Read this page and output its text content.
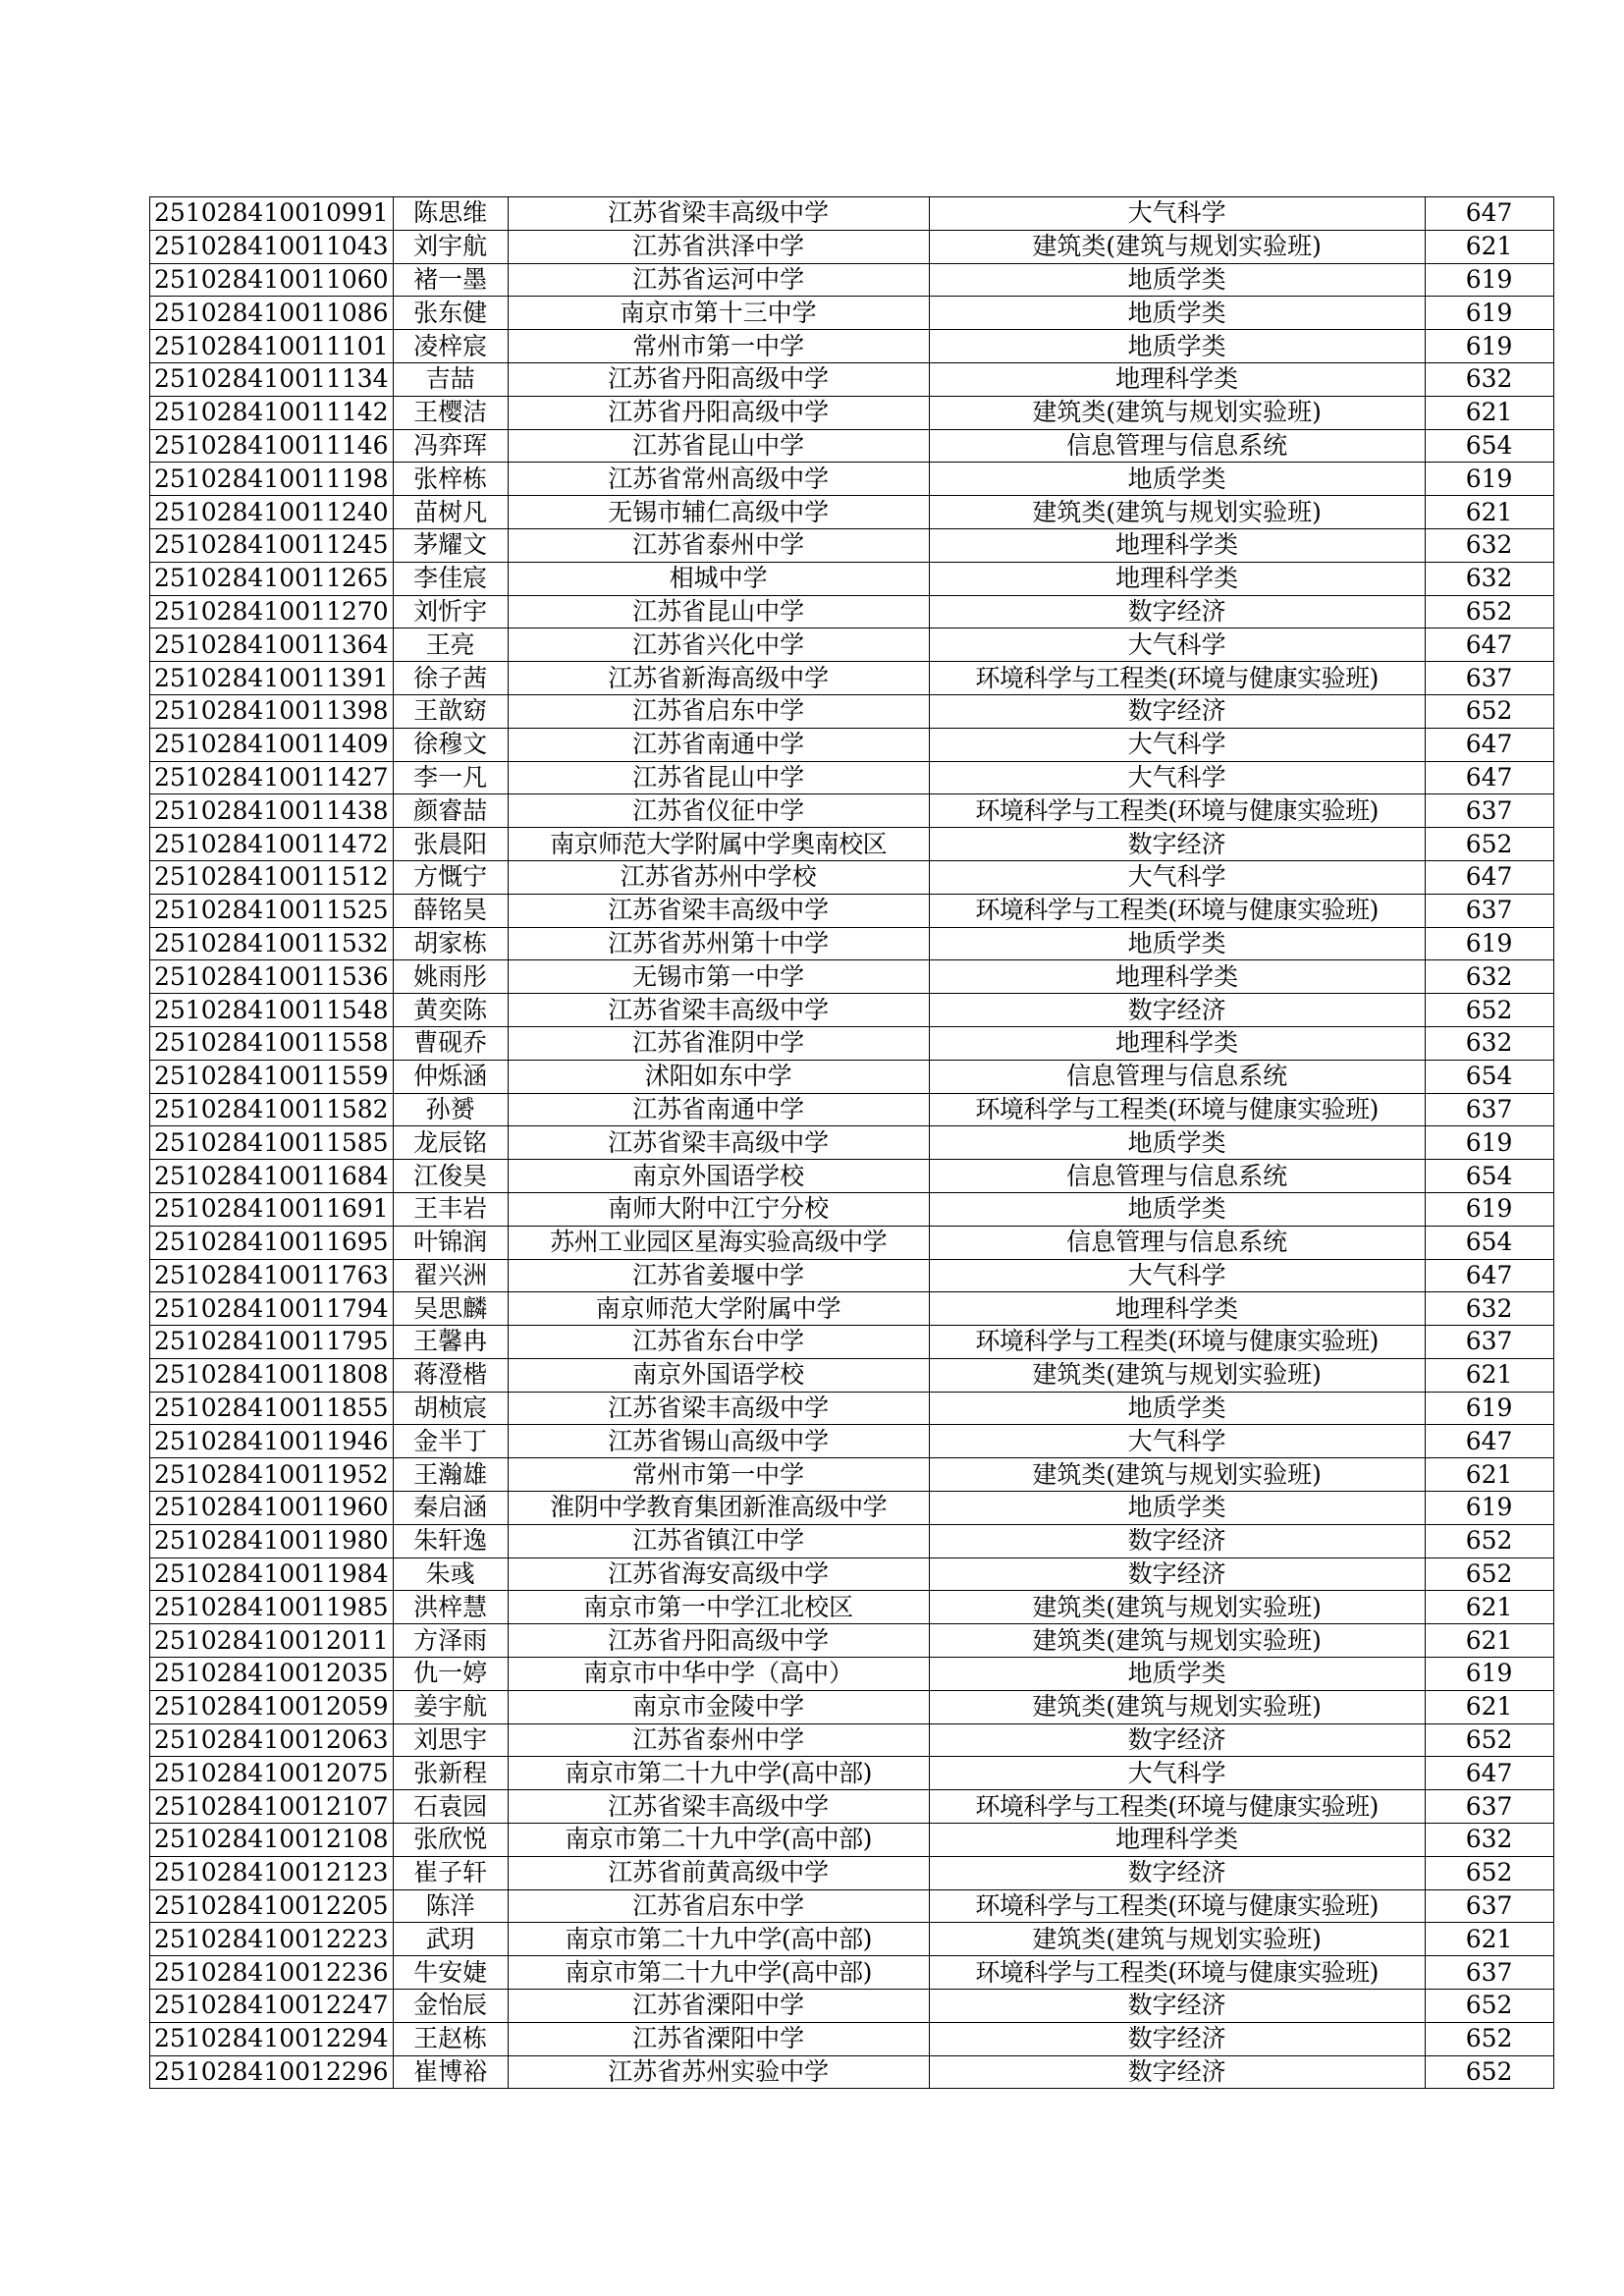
251028410010991	陈思维	江苏省梁丰高级中学	大气科学	647
251028410011043	刘宇航	江苏省洪泽中学	建筑类(建筑与规划实验班)	621
251028410011060	褚一墨	江苏省运河中学	地质学类	619
251028410011086	张东健	南京市第十三中学	地质学类	619
251028410011101	凌梓宸	常州市第一中学	地质学类	619
251028410011134	吉喆	江苏省丹阳高级中学	地理科学类	632
251028410011142	王樱洁	江苏省丹阳高级中学	建筑类(建筑与规划实验班)	621
251028410011146	冯弈珲	江苏省昆山中学	信息管理与信息系统	654
251028410011198	张梓栋	江苏省常州高级中学	地质学类	619
251028410011240	苗树凡	无锡市辅仁高级中学	建筑类(建筑与规划实验班)	621
251028410011245	茅耀文	江苏省泰州中学	地理科学类	632
251028410011265	李佳宸	相城中学	地理科学类	632
251028410011270	刘忻宇	江苏省昆山中学	数字经济	652
251028410011364	王亮	江苏省兴化中学	大气科学	647
251028410011391	徐子茜	江苏省新海高级中学	环境科学与工程类(环境与健康实验班)	637
251028410011398	王歆窈	江苏省启东中学	数字经济	652
251028410011409	徐穆文	江苏省南通中学	大气科学	647
251028410011427	李一凡	江苏省昆山中学	大气科学	647
251028410011438	颜睿喆	江苏省仪征中学	环境科学与工程类(环境与健康实验班)	637
251028410011472	张晨阳	南京师范大学附属中学奥南校区	数字经济	652
251028410011512	方慨宁	江苏省苏州中学校	大气科学	647
251028410011525	薛铭昊	江苏省梁丰高级中学	环境科学与工程类(环境与健康实验班)	637
251028410011532	胡家栋	江苏省苏州第十中学	地质学类	619
251028410011536	姚雨彤	无锡市第一中学	地理科学类	632
251028410011548	黄奕陈	江苏省梁丰高级中学	数字经济	652
251028410011558	曹砚乔	江苏省淮阴中学	地理科学类	632
251028410011559	仲烁涵	沭阳如东中学	信息管理与信息系统	654
251028410011582	孙赟	江苏省南通中学	环境科学与工程类(环境与健康实验班)	637
251028410011585	龙辰铭	江苏省梁丰高级中学	地质学类	619
251028410011684	江俊昊	南京外国语学校	信息管理与信息系统	654
251028410011691	王丰岩	南师大附中江宁分校	地质学类	619
251028410011695	叶锦润	苏州工业园区星海实验高级中学	信息管理与信息系统	654
251028410011763	翟兴洲	江苏省姜堰中学	大气科学	647
251028410011794	吴思麟	南京师范大学附属中学	地理科学类	632
251028410011795	王馨冉	江苏省东台中学	环境科学与工程类(环境与健康实验班)	637
251028410011808	蒋澄楷	南京外国语学校	建筑类(建筑与规划实验班)	621
251028410011855	胡桢宸	江苏省梁丰高级中学	地质学类	619
251028410011946	金半丁	江苏省锡山高级中学	大气科学	647
251028410011952	王瀚雄	常州市第一中学	建筑类(建筑与规划实验班)	621
251028410011960	秦启涵	淮阴中学教育集团新淮高级中学	地质学类	619
251028410011980	朱轩逸	江苏省镇江中学	数字经济	652
251028410011984	朱彧	江苏省海安高级中学	数字经济	652
251028410011985	洪梓慧	南京市第一中学江北校区	建筑类(建筑与规划实验班)	621
251028410012011	方泽雨	江苏省丹阳高级中学	建筑类(建筑与规划实验班)	621
251028410012035	仇一婷	南京市中华中学（高中）	地质学类	619
251028410012059	姜宇航	南京市金陵中学	建筑类(建筑与规划实验班)	621
251028410012063	刘思宇	江苏省泰州中学	数字经济	652
251028410012075	张新程	南京市第二十九中学(高中部)	大气科学	647
251028410012107	石袁园	江苏省梁丰高级中学	环境科学与工程类(环境与健康实验班)	637
251028410012108	张欣悦	南京市第二十九中学(高中部)	地理科学类	632
251028410012123	崔子轩	江苏省前黄高级中学	数字经济	652
251028410012205	陈洋	江苏省启东中学	环境科学与工程类(环境与健康实验班)	637
251028410012223	武玥	南京市第二十九中学(高中部)	建筑类(建筑与规划实验班)	621
251028410012236	牛安婕	南京市第二十九中学(高中部)	环境科学与工程类(环境与健康实验班)	637
251028410012247	金怡辰	江苏省溧阳中学	数字经济	652
251028410012294	王赵栋	江苏省溧阳中学	数字经济	652
251028410012296	崔博裕	江苏省苏州实验中学	数字经济	652
